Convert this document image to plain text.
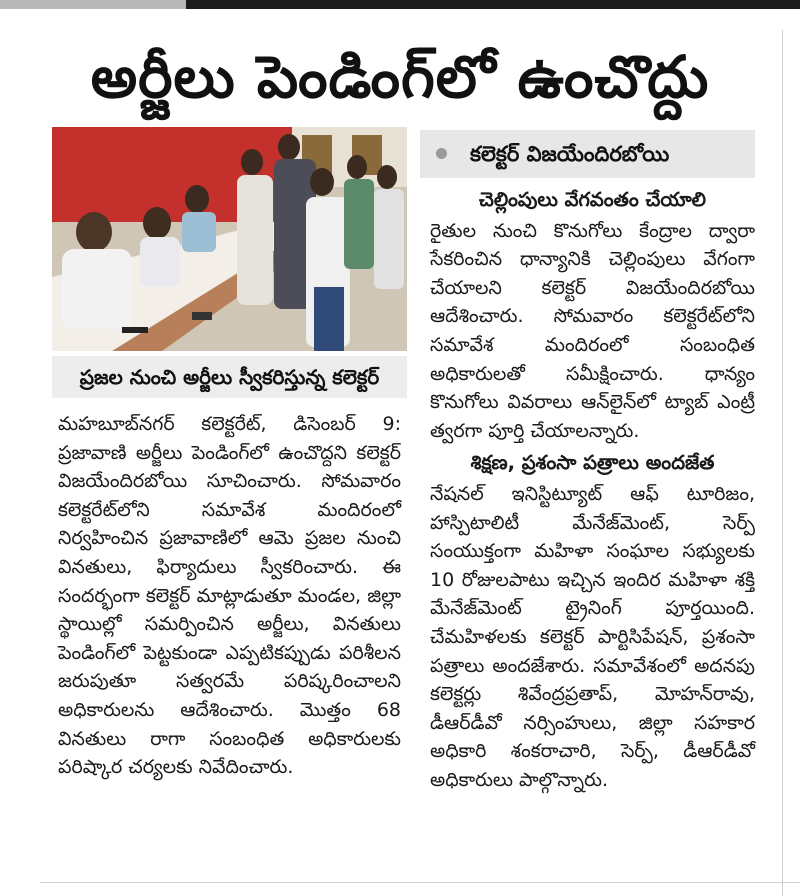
అర్జీలు పెండింగ్‌లో ఉంచొద్దు
ప్రజల నుంచి అర్జీలు స్వీకరిస్తున్న కలెక్టర్
కలెక్టర్ విజయేందిరబోయి

మహబూబ్‌నగర్ కలెక్టరేట్, డిసెంబర్ 9: ప్రజావాణి అర్జీలు పెండింగ్‌లో ఉంచొద్దని కలెక్టర్ విజయేందిరబోయి సూచించారు. సోమవారం కలెక్టరేట్‌లోని సమావేశ మందిరంలో నిర్వహించిన ప్రజావాణిలో ఆమె ప్రజల నుంచి వినతులు, ఫిర్యాదులు స్వీకరించారు. ఈ సందర్భంగా కలెక్టర్ మాట్లాడుతూ మండల, జిల్లా స్థాయిల్లో సమర్పించిన అర్జీలు, వినతులు పెండింగ్‌లో పెట్టకుండా ఎప్పటికప్పుడు పరిశీలన జరుపుతూ సత్వరమే పరిష్కరించాలని అధికారులను ఆదేశించారు. మొత్తం 68 వినతులు రాగా సంబంధిత అధికారులకు పరిష్కార చర్యలకు నివేదించారు.

చెల్లింపులు వేగవంతం చేయాలి

రైతుల నుంచి కొనుగోలు కేంద్రాల ద్వారా సేకరించిన ధాన్యానికి చెల్లింపులు వేగంగా చేయాలని కలెక్టర్ విజయేందిరబోయి ఆదేశించారు. సోమవారం కలెక్టరేట్‌లోని సమావేశ మందిరంలో సంబంధిత అధికారులతో సమీక్షించారు. ధాన్యం కొనుగోలు వివరాలు ఆన్‌లైన్‌లో ట్యాబ్ ఎంట్రీ త్వరగా పూర్తి చేయాలన్నారు.

శిక్షణ, ప్రశంసా పత్రాలు అందజేత

నేషనల్ ఇనిస్టిట్యూట్ ఆఫ్ టూరిజం, హాస్పిటాలిటీ మేనేజ్‌మెంట్, సెర్ప్ సంయుక్తంగా మహిళా సంఘాల సభ్యులకు 10 రోజులపాటు ఇచ్చిన ఇందిర మహిళా శక్తి మేనేజ్‌మెంట్ ట్రైనింగ్ పూర్తయింది. చేమహిళలకు కలెక్టర్ పార్టిసిపేషన్, ప్రశంసా పత్రాలు అందజేశారు. సమావేశంలో అదనపు కలెక్టర్లు శివేంద్రప్రతాప్, మోహన్‌రావు, డీఆర్‌డీవో నర్సింహులు, జిల్లా సహకార అధికారి శంకరాచారి, సెర్ప్, డీఆర్‌డీవో అధికారులు పాల్గొన్నారు.
